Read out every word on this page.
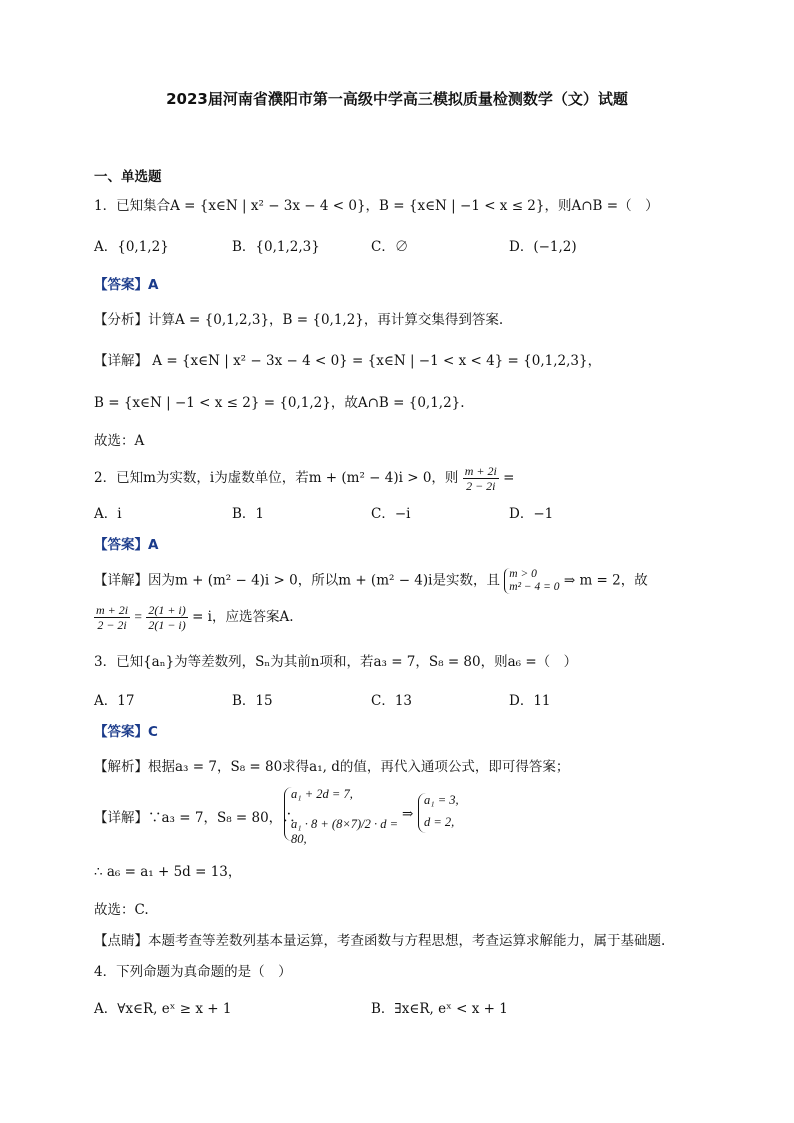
2023届河南省濮阳市第一高级中学高三模拟质量检测数学（文）试题
一、单选题
1．已知集合A = {x∈N | x² − 3x − 4 < 0}，B = {x∈N | −1 < x ≤ 2}，则A∩B =（　）
A．{0,1,2}	B．{0,1,2,3}	C．∅	D．(−1,2)
【答案】A
【分析】计算A = {0,1,2,3}，B = {0,1,2}，再计算交集得到答案.
【详解】 A = {x∈N | x² − 3x − 4 < 0} = {x∈N | −1 < x < 4} = {0,1,2,3}，
B = {x∈N | −1 < x ≤ 2} = {0,1,2}，故A∩B = {0,1,2}.
故选：A
2．已知m为实数，i为虚数单位，若m + (m² − 4)i > 0，则 $\frac{m + 2i}{2 - 2i}$ =
A．i	B．1	C．−i	D．−1
【答案】A
【详解】因为m + (m² − 4)i > 0，所以m + (m² − 4)i是实数，且 m > 0
m² − 4 = 0 ⇒ m = 2，故
$\frac{m + 2i}{2 - 2i} = \frac{2(1 + i)}{2(1 - i)} = i$，应选答案A.
3．已知{aₙ}为等差数列，Sₙ为其前n项和，若a₃ = 7，S₈ = 80，则a₆ =（　）
A．17	B．15	C．13	D．11
【答案】C
【解析】根据a₃ = 7，S₈ = 80求得a₁, d的值，再代入通项公式，即可得答案；
【详解】∵a₃ = 7，S₈ = 80，∴
a₁ + 2d = 7,
a₁ · 8 + (8×7)/2 · d = 80,
⇒
a₁ = 3,
d = 2,
∴ a₆ = a₁ + 5d = 13，
故选：C.
【点睛】本题考查等差数列基本量运算，考查函数与方程思想，考查运算求解能力，属于基础题.
4．下列命题为真命题的是（　）
A．∀x∈R, eˣ ≥ x + 1	B．∃x∈R, eˣ < x + 1
